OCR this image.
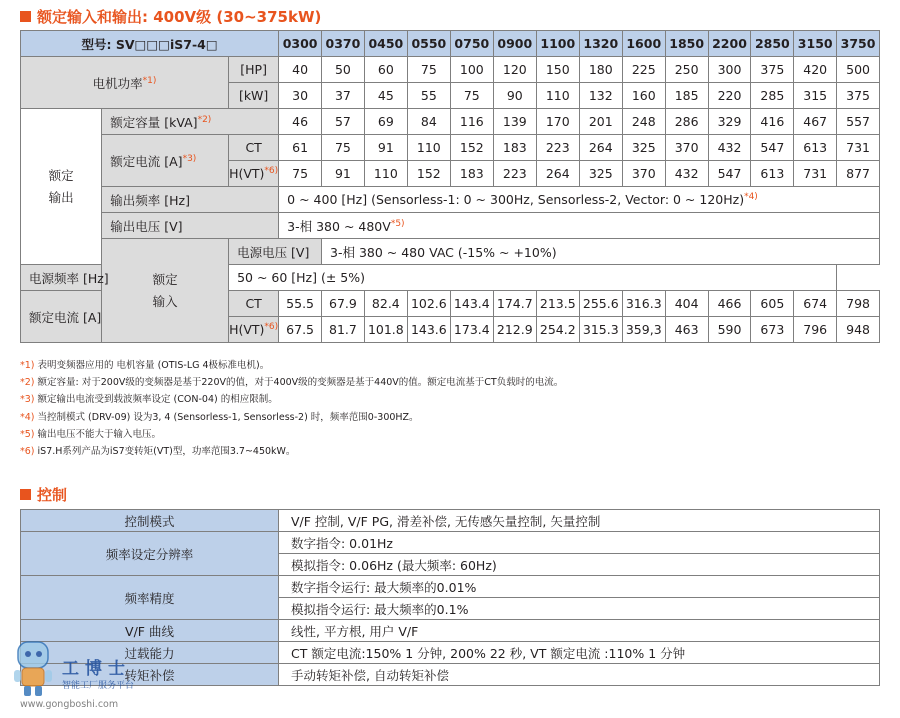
额定输入和输出: 400V级 (30~375kW)
型号: SV□□□iS7-4□			0300	0370	0450	0550	0750	0900	1100	1320	1600	1850	2200	2850	3150	3750
电机功率$^{*1)}$		[HP]	40	50	60	75	100	120	150	180	225	250	300	375	420	500
		[kW]	30	37	45	55	75	90	110	132	160	185	220	285	315	375
额定
输出	额定容量 [kVA]$^{*2)}$		46	57	69	84	116	139	170	201	248	286	329	416	467	557
	额定电流 $[A]^{*3)}$	CT	61	75	91	110	152	183	223	264	325	370	432	547	613	731
		H(VT)$^{*6)}$	75	91	110	152	183	223	264	325	370	432	547	613	731	877
	输出频率 [Hz]		0 ~ 400 [Hz] (Sensorless-1: 0 ~ 300Hz, Sensorless-2, Vector: 0 ~ 120Hz)$^{*4)}$
	输出电压 [V]		3-相 380 ~ $480V^{*5)}$
	额定
输入	电源电压 [V]		3-相 380 ~ 480 VAC (-15% ~ +10%)												
电源频率 [Hz]		50 ~ 60 [Hz] (± 5%)														
额定电流 [A]		CT	55.5	67.9	82.4	102.6	143.4	174.7	213.5	255.6	316.3	404	466	605	674	798
		H(VT)$^{*6)}$	67.5	81.7	101.8	143.6	173.4	212.9	254.2	315.3	359,3	463	590	673	796	948
*1) 表明变频器应用的 电机容量 (OTIS-LG 4极标准电机)。
*2) 额定容量: 对于200V级的变频器是基于220V的值，对于400V级的变频器是基于440V的值。额定电流基于CT负载时的电流。
*3) 额定输出电流受到载波频率设定 (CON-04) 的相应限制。
*4) 当控制模式 (DRV-09) 设为3, 4 (Sensorless-1, Sensorless-2) 时，频率范围0-300HZ。
*5) 输出电压不能大于输入电压。
*6) iS7.H系列产品为iS7变转矩(VT)型，功率范围3.7~450kW。
控制
控制模式	V/F 控制, V/F PG, 滑差补偿, 无传感矢量控制, 矢量控制
频率设定分辨率	数字指令: 0.01Hz
	模拟指令: 0.06Hz (最大频率: 60Hz)
频率精度	数字指令运行: 最大频率的0.01%
	模拟指令运行: 最大频率的0.1%
V/F 曲线	线性, 平方根, 用户 V/F
过载能力	CT 额定电流:150% 1 分钟, 200% 22 秒, VT 额定电流 :110% 1 分钟
转矩补偿	手动转矩补偿, 自动转矩补偿
工博士
智能工厂服务平台
www.gongboshi.com
